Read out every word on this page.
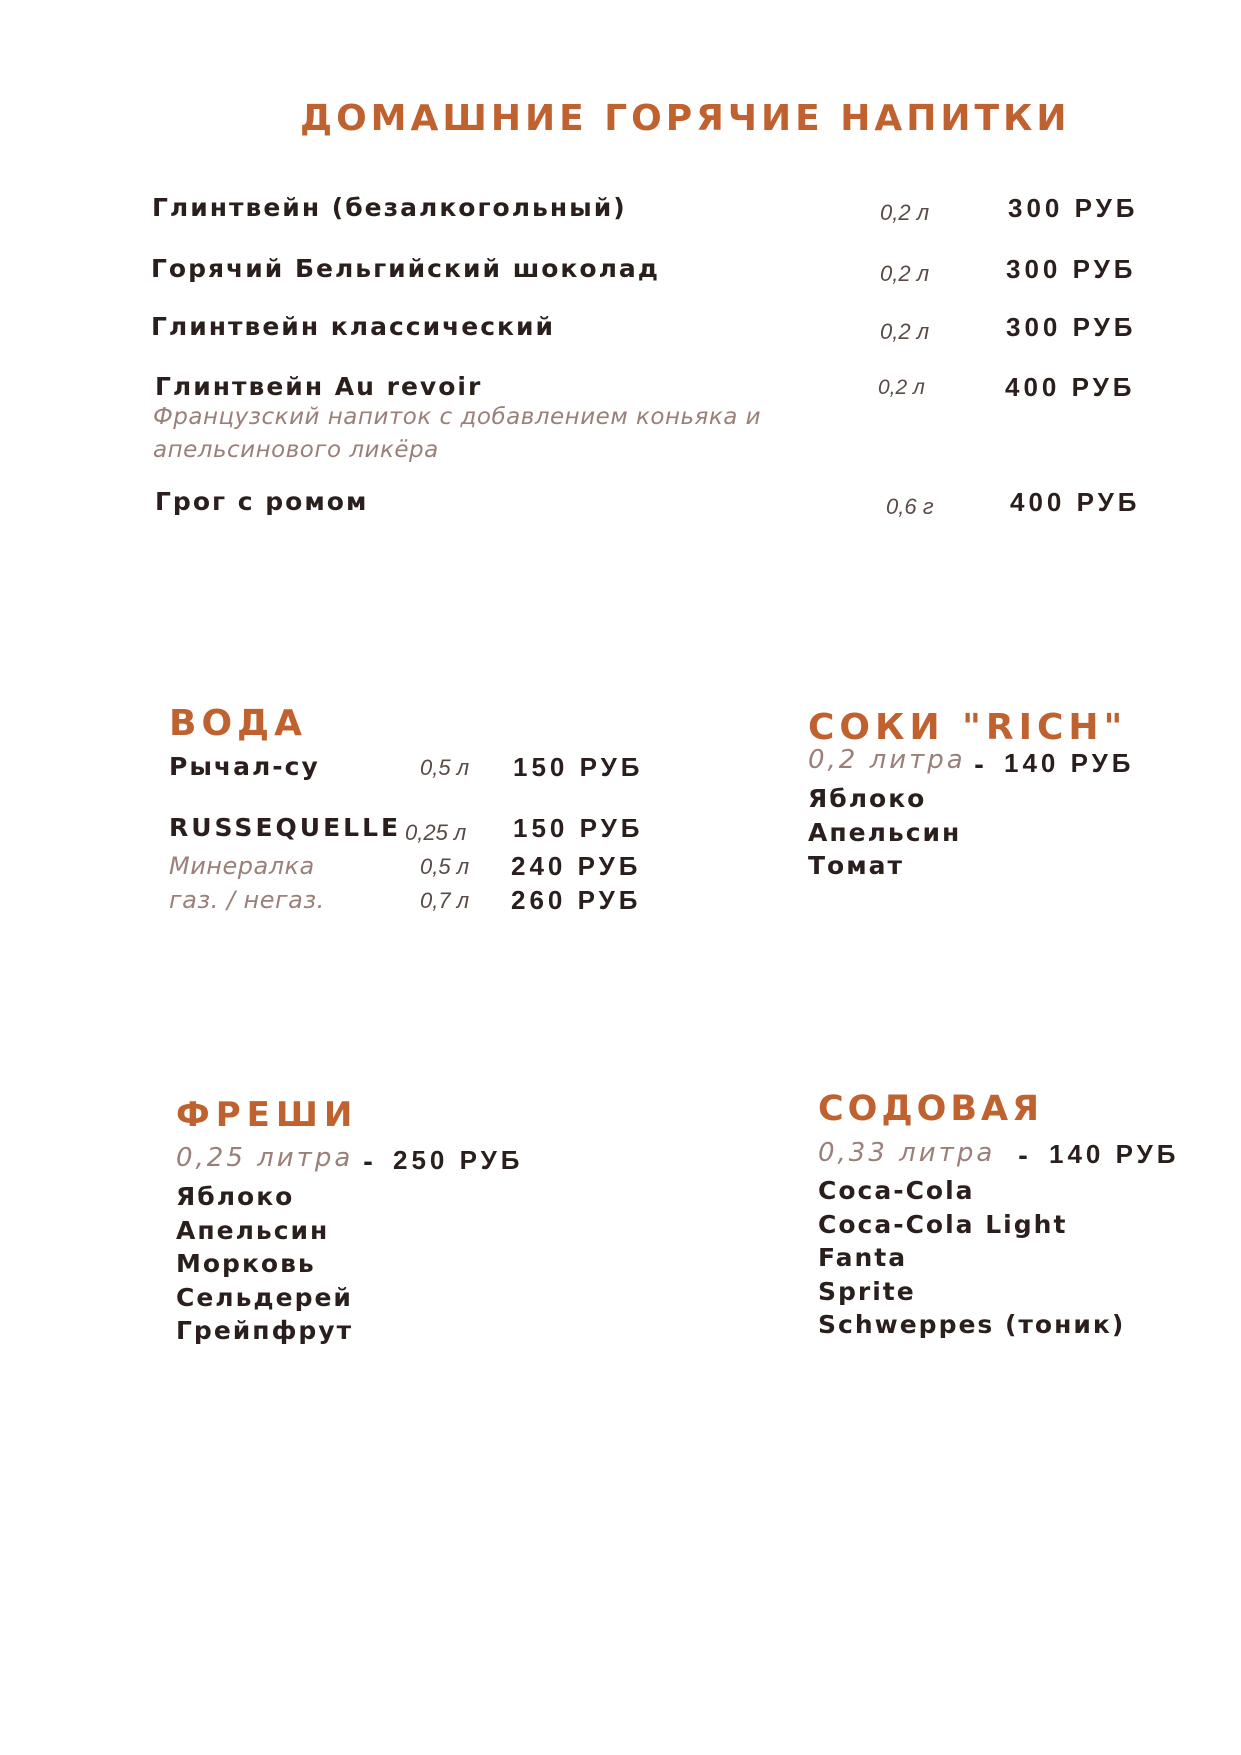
ДОМАШНИЕ ГОРЯЧИЕ НАПИТКИ
Глинтвейн (безалкогольный)	0,2 л	300 РУБ
Горячий Бельгийский шоколад	0,2 л	300 РУБ
Глинтвейн классический	0,2 л	300 РУБ
Глинтвейн Au revoir	0,2 л	400 РУБ
Французский напиток с добавлением коньяка и
апельсинового ликёра
Грог с ромом	0,6 г	400 РУБ
ВОДА
Рычал-су	0,5 л 150 РУБ
RUSSEQUELLE 0,25 л 150 РУБ
Минералка	0,5 л 240 РУБ
газ. / негаз.	0,7 л 260 РУБ
СОКИ "RICH"
0,2 литра - 140 РУБ
Яблоко
Апельсин
Томат
ФРЕШИ
0,25 литра - 250 РУБ
Яблоко
Апельсин
Морковь
Сельдерей
Грейпфрут
СОДОВАЯ
0,33 литра - 140 РУБ
Coca-Cola
Coca-Cola Light
Fanta
Sprite
Schweppes (тоник)
